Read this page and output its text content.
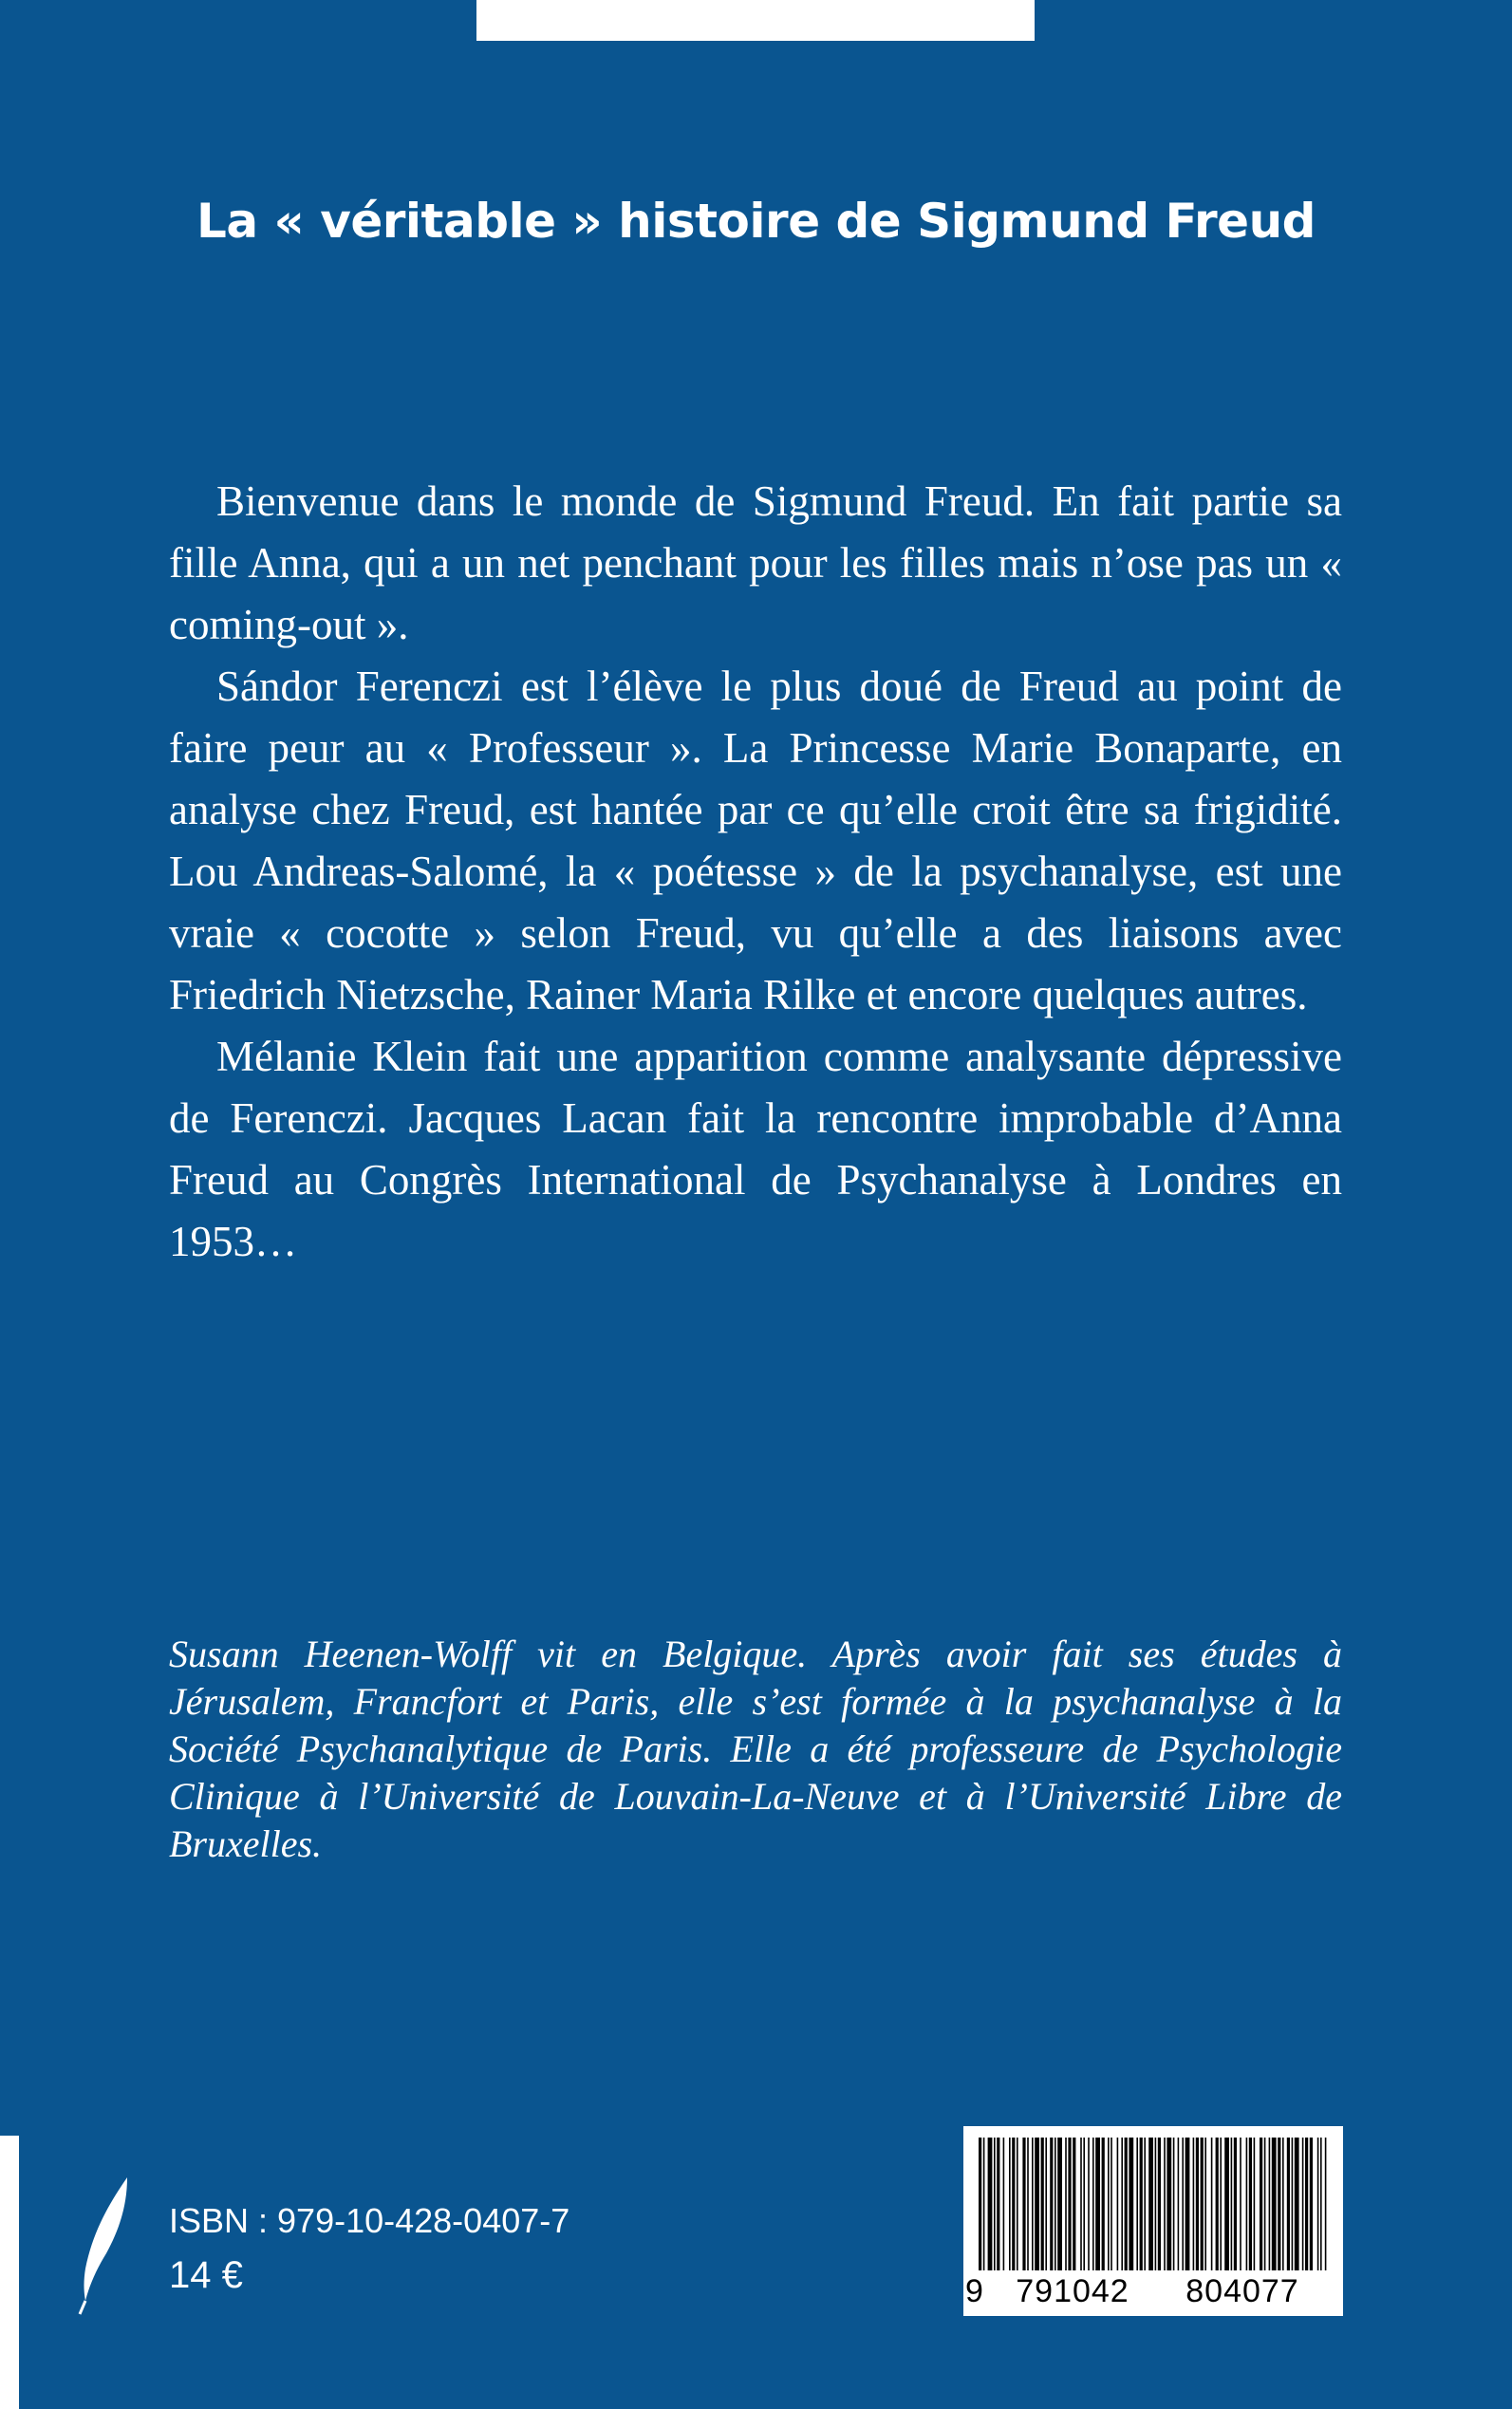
La « véritable » histoire de Sigmund Freud

Bienvenue dans le monde de Sigmund Freud. En fait partie sa fille Anna, qui a un net penchant pour les filles mais n’ose pas un « coming-out ».

Sándor Ferenczi est l’élève le plus doué de Freud au point de faire peur au « Professeur ». La Princesse Marie Bonaparte, en analyse chez Freud, est hantée par ce qu’elle croit être sa frigidité. Lou Andreas-Salomé, la « poétesse » de la psychanalyse, est une vraie « cocotte » selon Freud, vu qu’elle a des liaisons avec Friedrich Nietzsche, Rainer Maria Rilke et encore quelques autres.

Mélanie Klein fait une apparition comme analysante dépressive de Ferenczi. Jacques Lacan fait la rencontre improbable d’Anna Freud au Congrès International de Psychanalyse à Londres en 1953…

Susann Heenen-Wolff vit en Belgique. Après avoir fait ses études à Jérusalem, Francfort et Paris, elle s’est formée à la psychanalyse à la Société Psychanalytique de Paris. Elle a été professeure de Psychologie Clinique à l’Université de Louvain-La-Neuve et à l’Université Libre de Bruxelles.

ISBN : 979-10-428-0407-7
14 €	9	791042	804077
